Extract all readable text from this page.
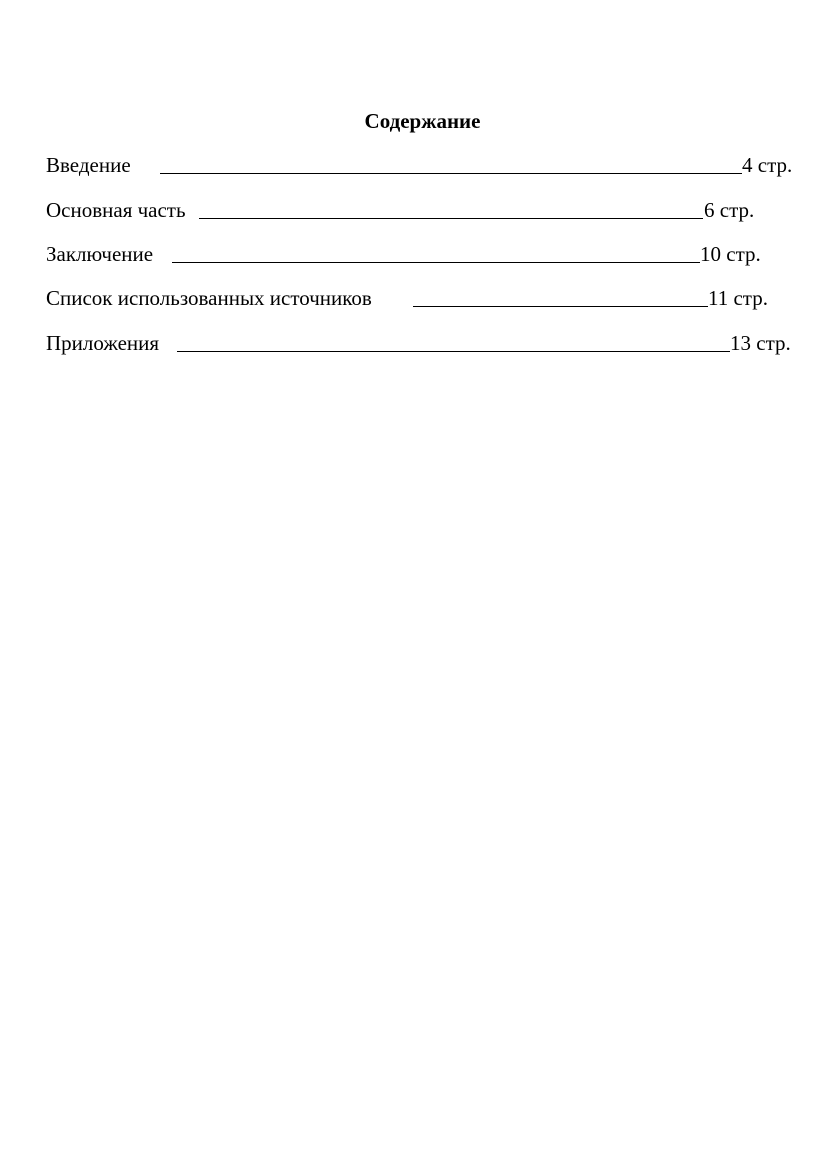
Содержание
Введение	4 стр.
Основная часть	6 стр.
Заключение	10 стр.
Список использованных источников	11 стр.
Приложения	13 стр.
